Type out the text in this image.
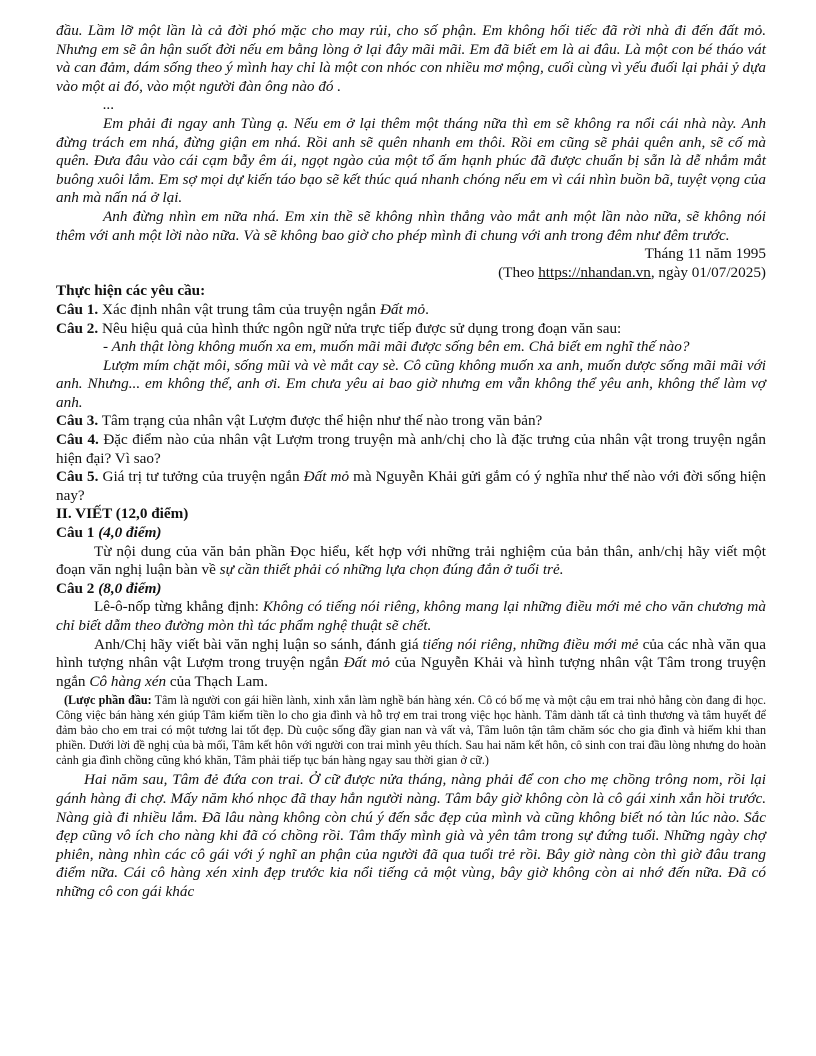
đầu. Lầm lỡ một lần là cả đời phó mặc cho may rủi, cho số phận. Em không hối tiếc đã rời nhà đi đến đất mỏ. Nhưng em sẽ ân hận suốt đời nếu em bằng lòng ở lại đây mãi mãi. Em đã biết em là ai đâu. Là một con bé tháo vát và can đảm, dám sống theo ý mình hay chỉ là một con nhóc con nhiều mơ mộng, cuối cùng vì yếu đuối lại phải ỷ dựa vào một ai đó, vào một người đàn ông nào đó .

...

Em phải đi ngay anh Tùng ạ. Nếu em ở lại thêm một tháng nữa thì em sẽ không ra nổi cái nhà này. Anh đừng trách em nhá, đừng giận em nhá. Rồi anh sẽ quên nhanh em thôi. Rồi em cũng sẽ phải quên anh, sẽ cố mà quên. Đưa đâu vào cái cạm bẫy êm ái, ngọt ngào của một tổ ấm hạnh phúc đã được chuẩn bị sẵn là dễ nhắm mắt buông xuôi lắm. Em sợ mọi dự kiến táo bạo sẽ kết thúc quá nhanh chóng nếu em vì cái nhìn buồn bã, tuyệt vọng của anh mà nấn ná ở lại.

Anh đừng nhìn em nữa nhá. Em xin thề sẽ không nhìn thẳng vào mắt anh một lần nào nữa, sẽ không nói thêm với anh một lời nào nữa. Và sẽ không bao giờ cho phép mình đi chung với anh trong đêm như đêm trước.

Tháng 11 năm 1995

(Theo https://nhandan.vn, ngày 01/07/2025)

Thực hiện các yêu cầu:

Câu 1. Xác định nhân vật trung tâm của truyện ngắn Đất mỏ.

Câu 2. Nêu hiệu quả của hình thức ngôn ngữ nửa trực tiếp được sử dụng trong đoạn văn sau:

- Anh thật lòng không muốn xa em, muốn mãi mãi được sống bên em. Chả biết em nghĩ thế nào?

Lượm mím chặt môi, sống mũi và vè mắt cay sè. Cô cũng không muốn xa anh, muốn dược sống mãi mãi với anh. Nhưng... em không thể, anh ơi. Em chưa yêu ai bao giờ nhưng em vẫn không thể yêu anh, không thể làm vợ anh.

Câu 3. Tâm trạng của nhân vật Lượm được thể hiện như thế nào trong văn bản?

Câu 4. Đặc điểm nào của nhân vật Lượm trong truyện mà anh/chị cho là đặc trưng của nhân vật trong truyện ngắn hiện đại? Vì sao?

Câu 5. Giá trị tư tưởng của truyện ngắn Đất mỏ mà Nguyễn Khải gửi gắm có ý nghĩa như thế nào với đời sống hiện nay?

II. VIẾT (12,0 điểm)

Câu 1 (4,0 điểm)

Từ nội dung của văn bản phần Đọc hiểu, kết hợp với những trải nghiệm của bản thân, anh/chị hãy viết một đoạn văn nghị luận bàn về sự cần thiết phải có những lựa chọn đúng đắn ở tuổi trẻ.

Câu 2 (8,0 điểm)

Lê-ô-nốp từng khẳng định: Không có tiếng nói riêng, không mang lại những điều mới mẻ cho văn chương mà chỉ biết dẫm theo đường mòn thì tác phẩm nghệ thuật sẽ chết.

Anh/Chị hãy viết bài văn nghị luận so sánh, đánh giá tiếng nói riêng, những điều mới mẻ của các nhà văn qua hình tượng nhân vật Lượm trong truyện ngắn Đất mỏ của Nguyễn Khải và hình tượng nhân vật Tâm trong truyện ngắn Cô hàng xén của Thạch Lam.

(Lược phần đầu: Tâm là người con gái hiền lành, xinh xắn làm nghề bán hàng xén. Cô có bố mẹ và một cậu em trai nhỏ hằng còn đang đi học. Công việc bán hàng xén giúp Tâm kiếm tiền lo cho gia đình và hỗ trợ em trai trong việc học hành. Tâm dành tất cả tình thương và tâm huyết để đảm bảo cho em trai có một tương lai tốt đẹp. Dù cuộc sống đầy gian nan và vất vả, Tâm luôn tận tâm chăm sóc cho gia đình và hiếm khi than phiền. Dưới lời đề nghị của bà mối, Tâm kết hôn với người con trai mình yêu thích. Sau hai năm kết hôn, cô sinh con trai đầu lòng nhưng do hoàn cảnh gia đình chồng cũng khó khăn, Tâm phải tiếp tục bán hàng ngay sau thời gian ở cữ.)

Hai năm sau, Tâm đẻ đứa con trai. Ở cữ được nửa tháng, nàng phải để con cho mẹ chồng trông nom, rồi lại gánh hàng đi chợ. Mấy năm khó nhọc đã thay hẳn người nàng. Tâm bây giờ không còn là cô gái xinh xắn hồi trước. Nàng già đi nhiều lắm. Đã lâu nàng không còn chú ý đến sắc đẹp của mình và cũng không biết nó tàn lúc nào. Sắc đẹp cũng vô ích cho nàng khi đã có chồng rồi. Tâm thấy mình già và yên tâm trong sự đứng tuổi. Những ngày chợ phiên, nàng nhìn các cô gái với ý nghĩ an phận của người đã qua tuổi trẻ rồi. Bây giờ nàng còn thì giờ đâu trang điểm nữa. Cái cô hàng xén xinh đẹp trước kia nổi tiếng cả một vùng, bây giờ không còn ai nhớ đến nữa. Đã có những cô con gái khác
